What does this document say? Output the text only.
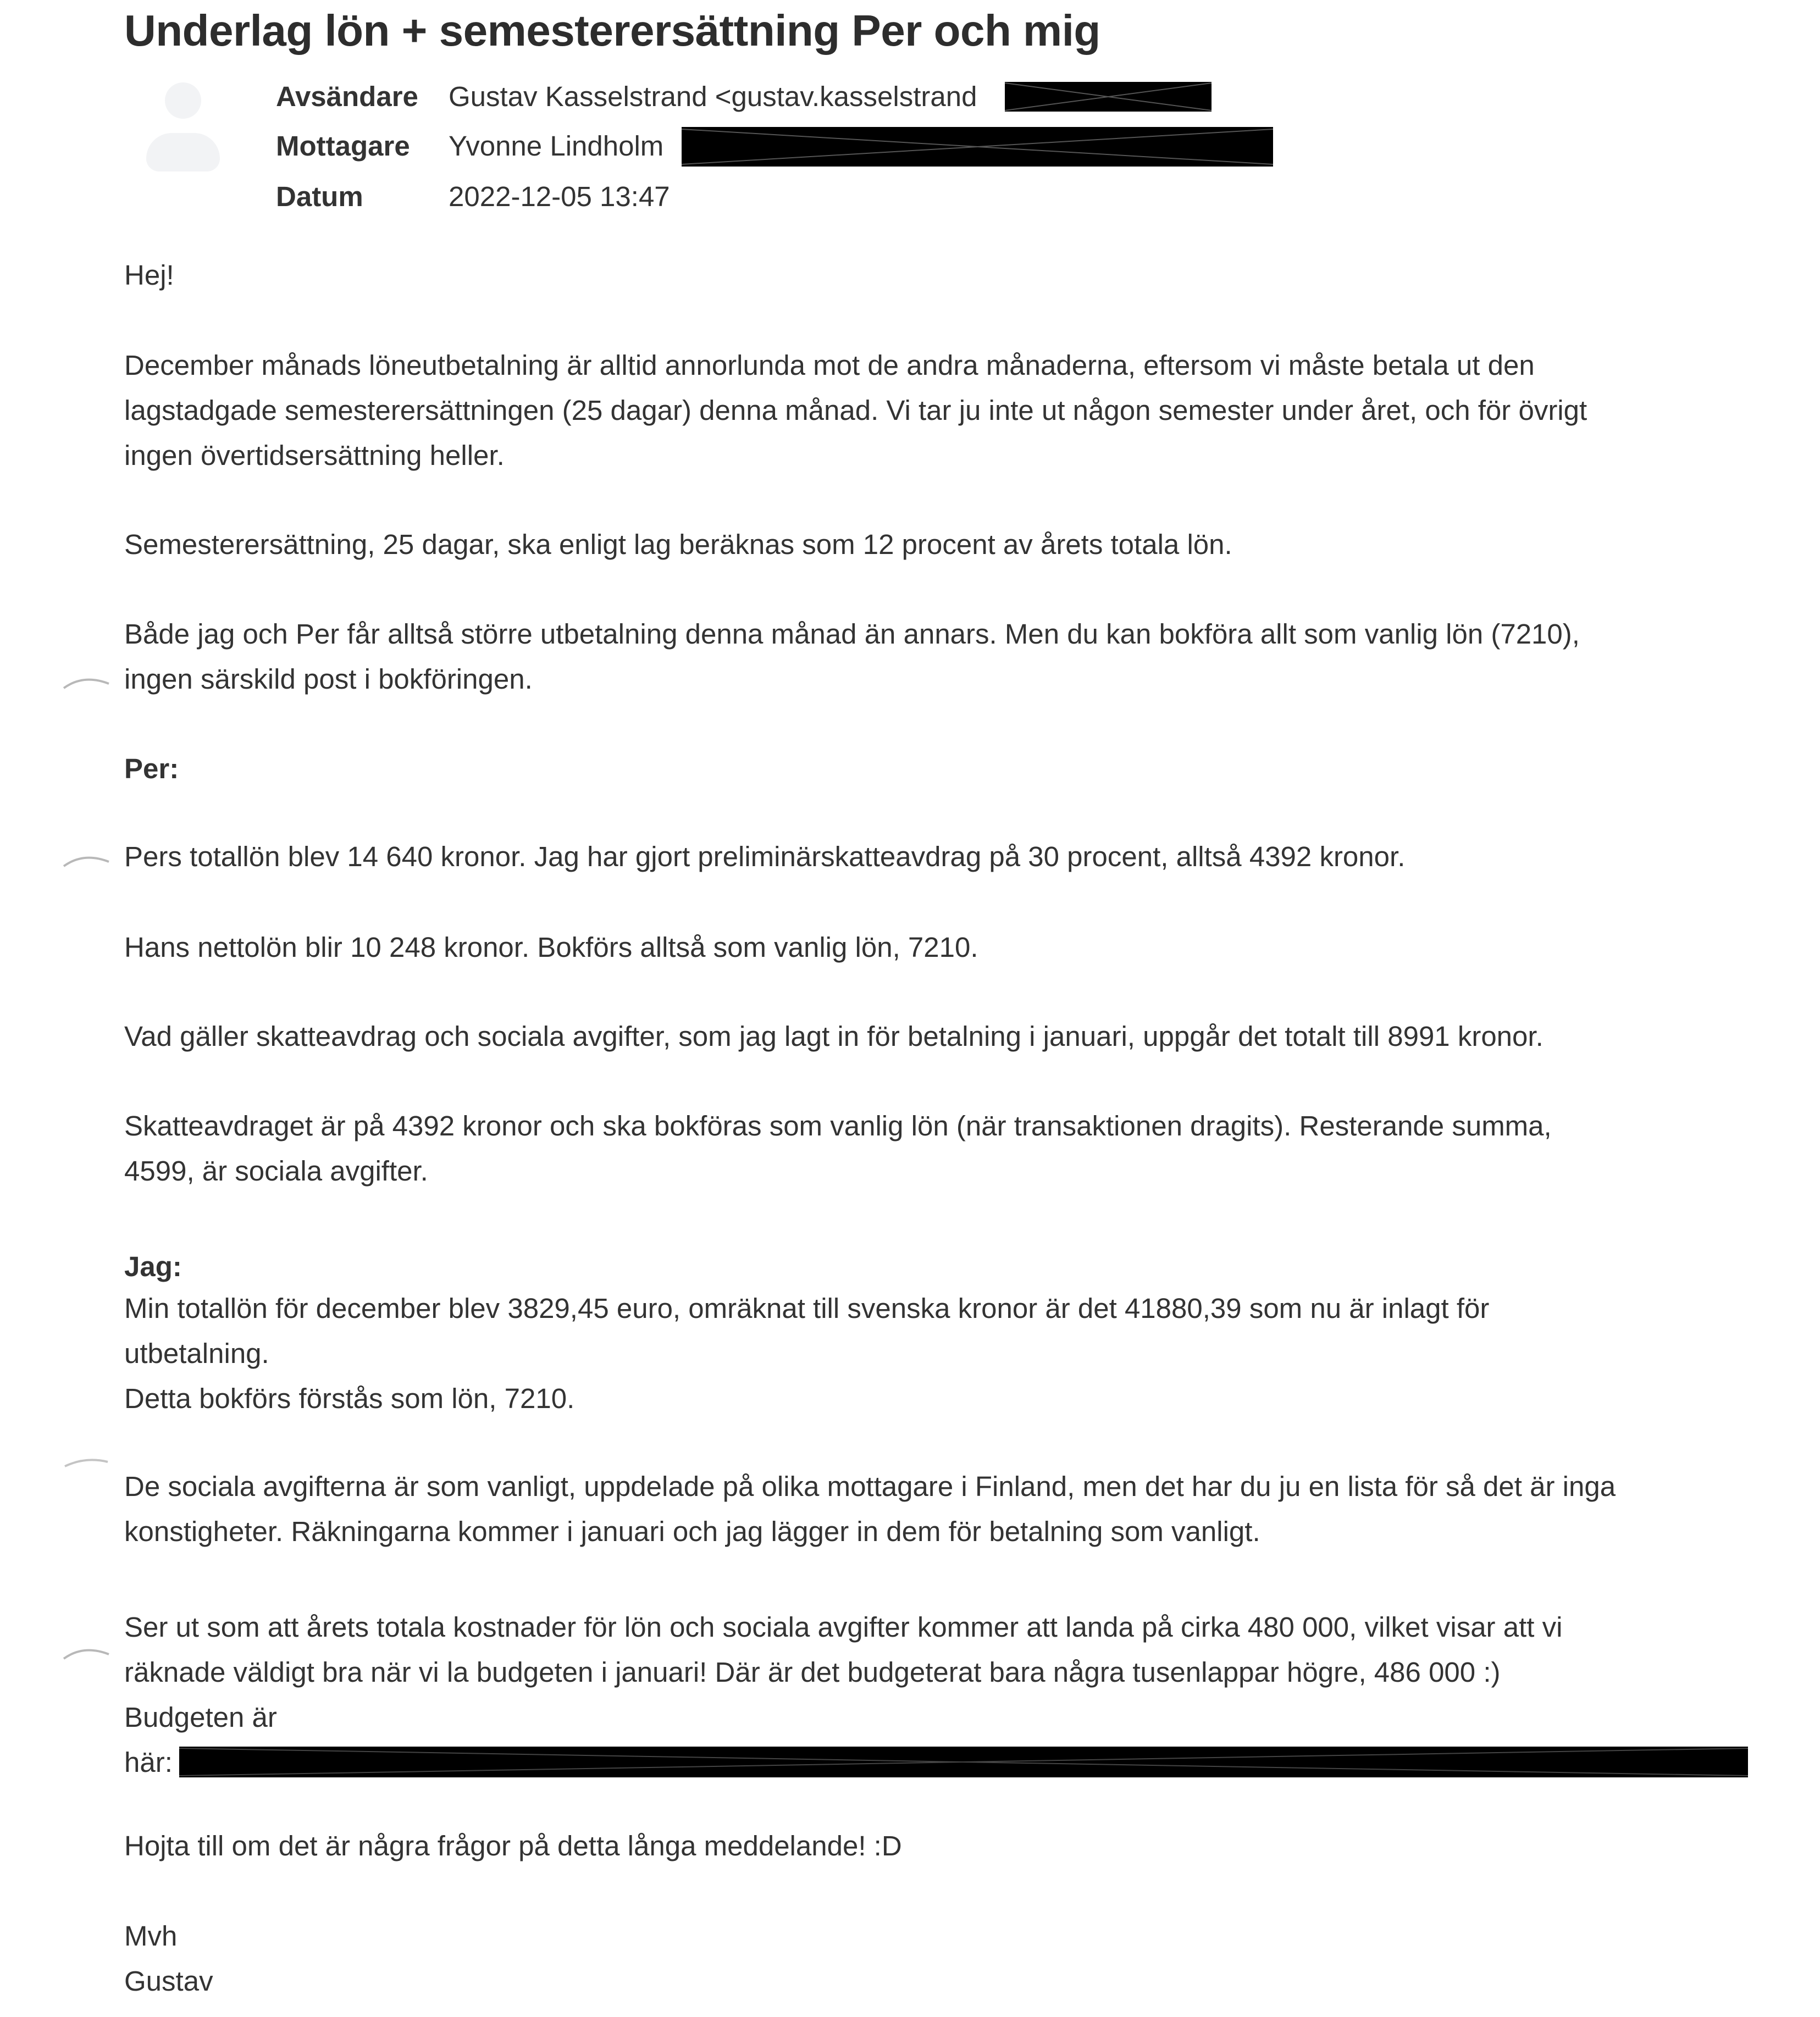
Underlag lön + semesterersättning Per och mig
Avsändare Gustav Kasselstrand <gustav.kasselstrand
Mottagare Yvonne Lindholm
Datum	2022-12-05 13:47
Hej!
December månads löneutbetalning är alltid annorlunda mot de andra månaderna, eftersom vi måste betala ut den
lagstadgade semesterersättningen (25 dagar) denna månad. Vi tar ju inte ut någon semester under året, och för övrigt
ingen övertidsersättning heller.
Semesterersättning, 25 dagar, ska enligt lag beräknas som 12 procent av årets totala lön.
Både jag och Per får alltså större utbetalning denna månad än annars. Men du kan bokföra allt som vanlig lön (7210),
ingen särskild post i bokföringen.
Per:
Pers totallön blev 14 640 kronor. Jag har gjort preliminärskatteavdrag på 30 procent, alltså 4392 kronor.
Hans nettolön blir 10 248 kronor. Bokförs alltså som vanlig lön, 7210.
Vad gäller skatteavdrag och sociala avgifter, som jag lagt in för betalning i januari, uppgår det totalt till 8991 kronor.
Skatteavdraget är på 4392 kronor och ska bokföras som vanlig lön (när transaktionen dragits). Resterande summa,
4599, är sociala avgifter.
Jag:
Min totallön för december blev 3829,45 euro, omräknat till svenska kronor är det 41880,39 som nu är inlagt för
utbetalning.
Detta bokförs förstås som lön, 7210.
De sociala avgifterna är som vanligt, uppdelade på olika mottagare i Finland, men det har du ju en lista för så det är inga
konstigheter. Räkningarna kommer i januari och jag lägger in dem för betalning som vanligt.
Ser ut som att årets totala kostnader för lön och sociala avgifter kommer att landa på cirka 480 000, vilket visar att vi
räknade väldigt bra när vi la budgeten i januari! Där är det budgeterat bara några tusenlappar högre, 486 000 :)
Budgeten är
här:
Hojta till om det är några frågor på detta långa meddelande! :D
Mvh
Gustav
